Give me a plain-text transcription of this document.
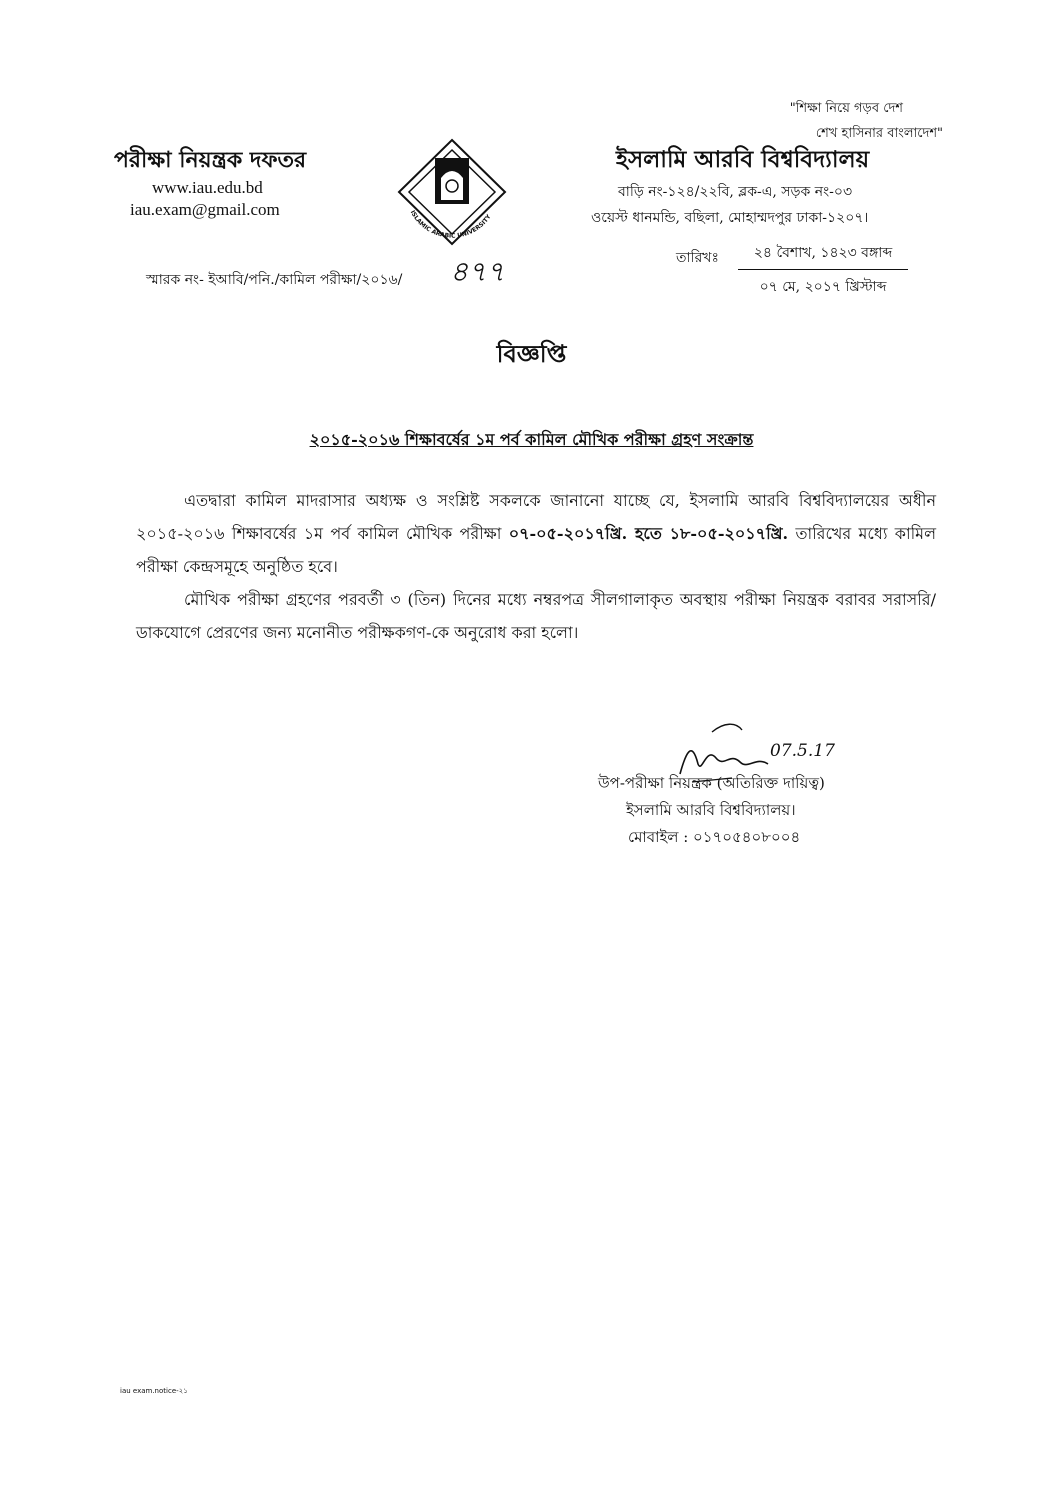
"শিক্ষা নিয়ে গড়ব দেশ
শেখ হাসিনার বাংলাদেশ"
পরীক্ষা নিয়ন্ত্রক দফতর
www.iau.edu.bd
iau.exam@gmail.com	ISLAMIC ARABIC UNIVERSITY
ইসলামি আরবি বিশ্ববিদ্যালয়
বাড়ি নং-১২৪/২২বি, ব্লক-এ, সড়ক নং-০৩
ওয়েস্ট ধানমন্ডি, বছিলা, মোহাম্মদপুর ঢাকা-১২০৭।
স্মারক নং- ইআবি/পনি./কামিল পরীক্ষা/২০১৬/ ৪৭৭	তারিখঃ	২৪ বৈশাখ, ১৪২৩ বঙ্গাব্দ
০৭ মে, ২০১৭ খ্রিস্টাব্দ
বিজ্ঞপ্তি
২০১৫-২০১৬ শিক্ষাবর্ষের ১ম পর্ব কামিল মৌখিক পরীক্ষা গ্রহণ সংক্রান্ত

এতদ্বারা কামিল মাদরাসার অধ্যক্ষ ও সংশ্লিষ্ট সকলকে জানানো যাচ্ছে যে, ইসলামি আরবি বিশ্ববিদ্যালয়ের অধীন ২০১৫-২০১৬ শিক্ষাবর্ষের ১ম পর্ব কামিল মৌখিক পরীক্ষা ০৭-০৫-২০১৭খ্রি. হতে ১৮-০৫-২০১৭খ্রি. তারিখের মধ্যে কামিল পরীক্ষা কেন্দ্রসমূহে অনুষ্ঠিত হবে।

মৌখিক পরীক্ষা গ্রহণের পরবর্তী ৩ (তিন) দিনের মধ্যে নম্বরপত্র সীলগালাকৃত অবস্থায় পরীক্ষা নিয়ন্ত্রক বরাবর সরাসরি/ডাকযোগে প্রেরণের জন্য মনোনীত পরীক্ষকগণ-কে অনুরোধ করা হলো।

07.5.17
উপ-পরীক্ষা নিয়ন্ত্রক (অতিরিক্ত দায়িত্ব)
ইসলামি আরবি বিশ্ববিদ্যালয়।
মোবাইল : ০১৭০৫৪০৮০০৪
iau exam.notice-২১
